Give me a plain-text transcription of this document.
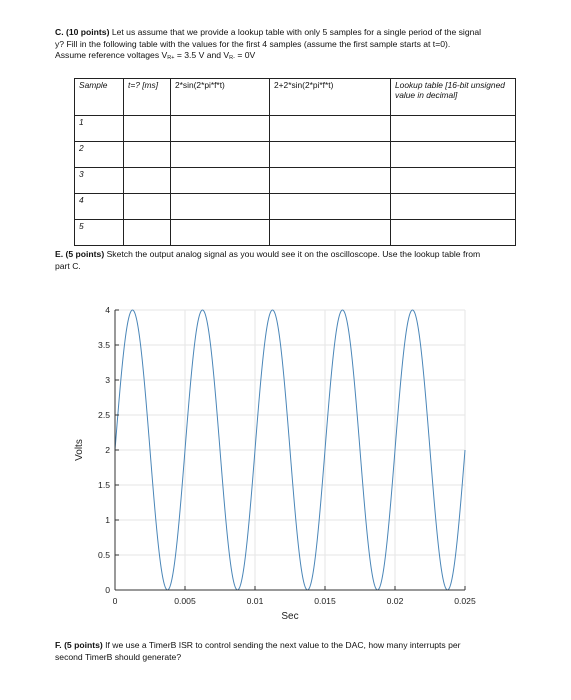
C. (10 points) Let us assume that we provide a lookup table with only 5 samples for a single period of the signal
y? Fill in the following table with the values for the first 4 samples (assume the first sample starts at t=0).
Assume reference voltages $V_{R+} = 3.5$ V and $V_{R-} = 0V$
Sample	t=? [ms]	2*sin(2*pi*f*t)	2+2*sin(2*pi*f*t)	Lookup table [16-bit unsigned value in decimal]
1				
2				
3				
4				
5				
E. (5 points) Sketch the output analog signal as you would see it on the oscilloscope. Use the lookup table from
part C.
0	0.005	0.01	0.015	0.02	0.025
0
0.5
1
1.5
2
2.5
3
3.5
4
Sec
Volts
F. (5 points) If we use a TimerB ISR to control sending the next value to the DAC, how many interrupts per
second TimerB should generate?
